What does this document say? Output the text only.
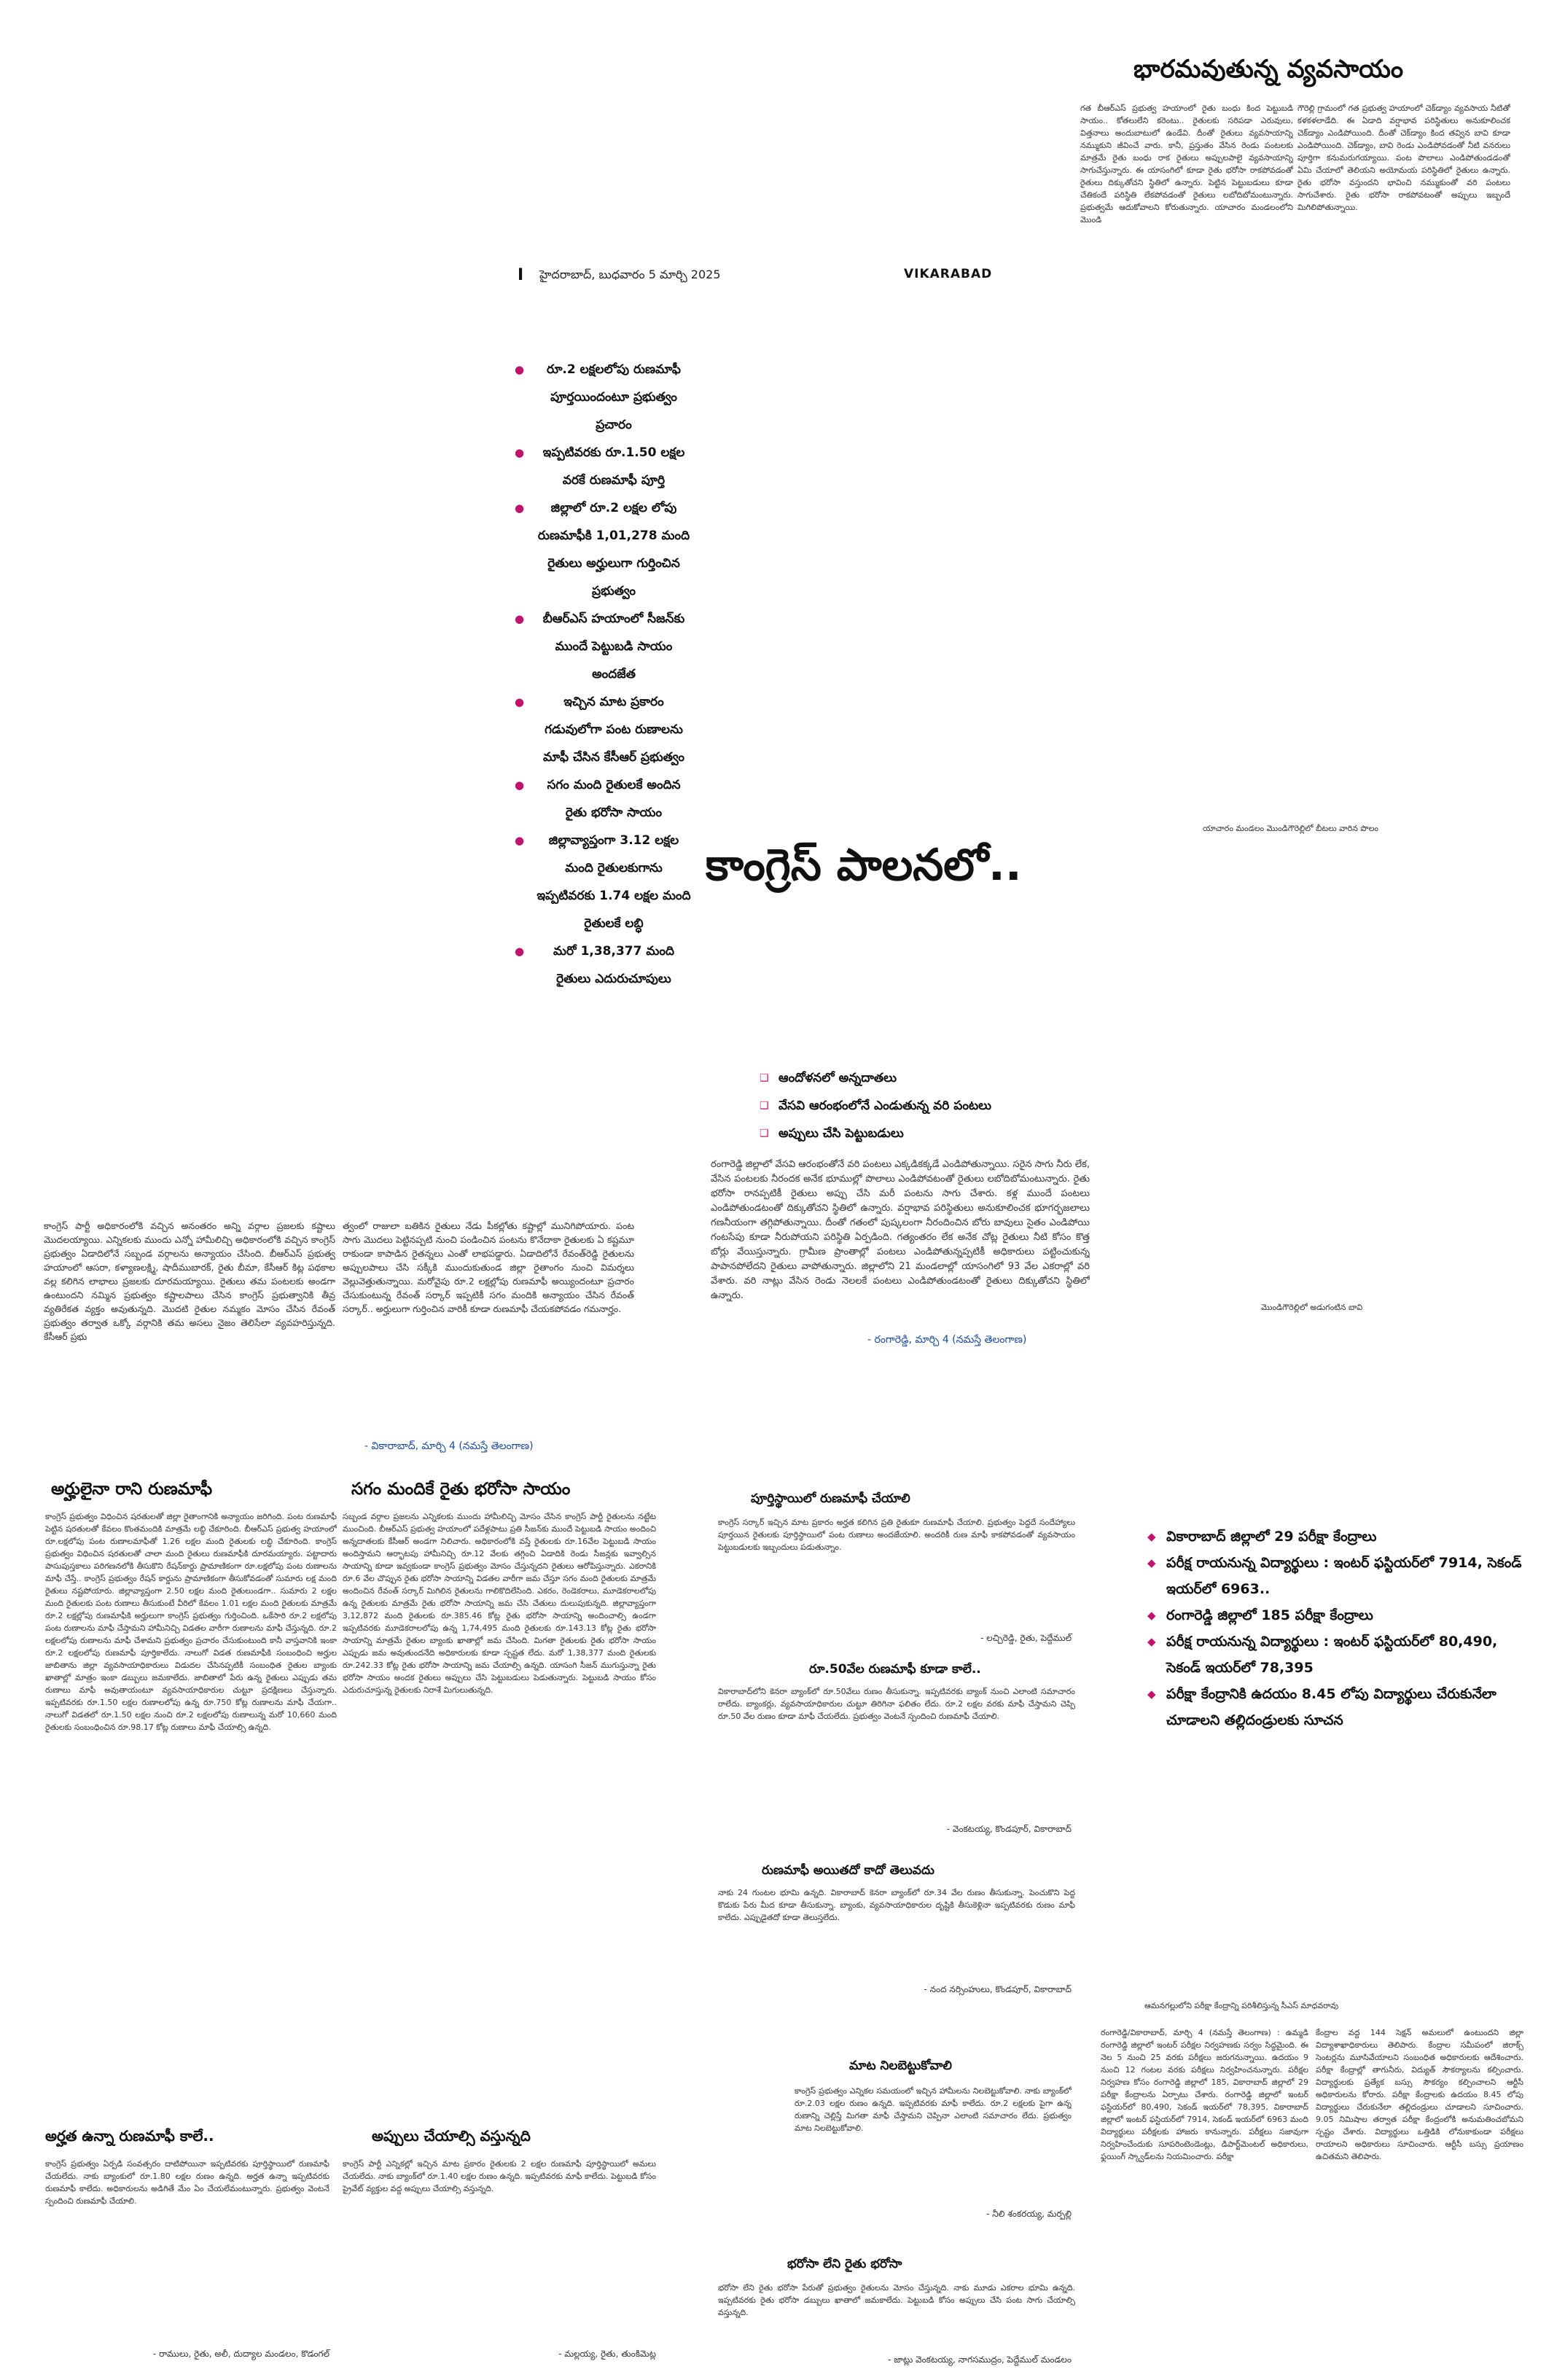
I హైదరాబాద్, బుధవారం 5 మార్చి 2025	VIKARABAD
భారమవుతున్న వ్యవసాయం
గత బీఆర్‌ఎస్ ప్రభుత్వ హయాంలో రైతు బంధు కింద పెట్టుబడి సాయం.. కోతలులేని కరెంటు.. రైతులకు సరిపడా ఎరువులు, విత్తనాలు అందుబాటులో ఉండేవి. దీంతో రైతులు వ్యవసాయాన్ని నమ్ముకుని జీవించే వారు. కానీ, ప్రస్తుతం వేసిన రెండు పంటలకు మాత్రమే రైతు బంధు రాక రైతులు అప్పులపాలై వ్యవసాయాన్ని సాగుచేస్తున్నారు. ఈ యాసంగిలో కూడా రైతు భరోసా రాకపోవడంతో రైతులు దిక్కుతోచని స్థితిలో ఉన్నారు. పెట్టిన పెట్టుబడులు కూడా చేతికందే పరిస్థితి లేకపోవడంతో రైతులు లబోదిబోమంటున్నారు. ప్రభుత్వమే ఆదుకోవాలని కోరుతున్నారు. యాచారం మండలంలోని మొండి
గౌరెల్లి గ్రామంలో గత ప్రభుత్వ హయాంలో చెక్‌డ్యాం వ్యవసాయ నీటితో కళకళలాడేది. ఈ ఏడాది వర్షాభావ పరిస్థితులు అనుకూలించక చెక్‌డ్యాం ఎండిపోయింది. దీంతో చెక్‌డ్యాం కింద తవ్విన బావి కూడా ఎండిపోయింది. చెక్‌డ్యాం, బావి రెండు ఎండిపోవడంతో నీటి వనరులు పూర్తిగా కనుమరుగయ్యాయి. పంట పొలాలు ఎండిపోతుండడంతో ఏమి చేయాలో తెలియని అయోమయ పరిస్థితిలో రైతులు ఉన్నారు. రైతు భరోసా వస్తుందని భావించి నమ్ముకుంతో వరి పంటలు సాగుచేశారు. రైతు భరోసా రాకపోవటంతో అప్పులు ఇబ్బందే మిగిలిపోతున్నాయి.
యాచారం మండలం మొండిగౌరెల్లిలో బీటలు వారిన పొలం
మొండిగౌరెల్లిలో అడుగంటిన బావి
● రూ.2 లక్షలలోపు రుణమాఫీ పూర్తయిందంటూ ప్రభుత్వం ప్రచారం
● ఇప్పటివరకు రూ.1.50 లక్షల వరకే రుణమాఫీ పూర్తి
● జిల్లాలో రూ.2 లక్షల లోపు రుణమాఫీకి 1,01,278 మంది రైతులు అర్హులుగా గుర్తించిన ప్రభుత్వం
● బీఆర్‌ఎస్ హయాంలో సీజన్‌కు ముందే పెట్టుబడి సాయం అందజేత
● ఇచ్చిన మాట ప్రకారం గడువులోగా పంట రుణాలను మాఫీ చేసిన కేసీఆర్ ప్రభుత్వం
● సగం మంది రైతులకే అందిన రైతు భరోసా సాయం
● జిల్లావ్యాప్తంగా 3.12 లక్షల మంది రైతులకుగాను ఇప్పటివరకు 1.74 లక్షల మంది రైతులకే లబ్ధి
● మరో 1,38,377 మంది రైతులు ఎదురుచూపులు
కాంగ్రెస్ పాలనలో..
❑ ఆందోళనలో అన్నదాతలు
❑ వేసవి ఆరంభంలోనే ఎండుతున్న వరి పంటలు
❑ అప్పులు చేసి పెట్టుబడులు
రంగారెడ్డి జిల్లాలో వేసవి ఆరంభంతోనే వరి పంటలు ఎక్కడికక్కడే ఎండిపోతున్నాయి. సరైన సాగు నీరు లేక, వేసిన పంటలకు నీరందక అనేక భూముల్లో పొలాలు ఎండిపోవటంతో రైతులు లబోదిబోమంటున్నారు. రైతు భరోసా రానప్పటికీ రైతులు అప్పు చేసి మరీ పంటను సాగు చేశారు. కళ్ల ముందే పంటలు ఎండిపోతుండటంతో దిక్కుతోచని స్థితిలో ఉన్నారు. వర్షాభావ పరిస్థితులు అనుకూలించక భూగర్భజలాలు గణనీయంగా తగ్గిపోతున్నాయి. దీంతో గతంలో పుష్కలంగా నీరందించిన బోరు బావులు సైతం ఎండిపోయి గంటసేపు కూడా నీరుపోయని పరిస్థితి ఏర్పడింది. గత్యంతరం లేక అనేక చోట్ల రైతులు నీటి కోసం కొత్త బోర్లు వేయిస్తున్నారు. గ్రామీణ ప్రాంతాల్లో పంటలు ఎండిపోతున్నప్పటికీ అధికారులు పట్టించుకున్న పాపానపోలేదని రైతులు వాపోతున్నారు. జిల్లాలోని 21 మండలాల్లో యాసంగిలో 93 వేల ఎకరాల్లో వరి వేశారు. వరి నాట్లు వేసిన రెండు నెలలకే పంటలు ఎండిపోతుండటంతో రైతులు దిక్కుతోచని స్థితిలో ఉన్నారు.
- రంగారెడ్డి, మార్చి 4 (నమస్తే తెలంగాణ)
కాంగ్రెస్ పార్టీ అధికారంలోకి వచ్చిన అనంతరం అన్ని వర్గాల ప్రజలకు కష్టాలు మొదలయ్యాయి. ఎన్నికలకు ముందు ఎన్నో హామీలిచ్చి అధికారంలోకి వచ్చిన కాంగ్రెస్ ప్రభుత్వం ఏడాదిలోనే సబ్బండ వర్గాలను అన్యాయం చేసింది. బీఆర్‌ఎస్ ప్రభుత్వ హయాంలో ఆసరా, కళ్యాణలక్ష్మి, షాదీముబారక్, రైతు బీమా, కేసీఆర్ కిట్ల పథకాల వల్ల కలిగిన లాభాలు ప్రజలకు దూరమయ్యాయి. రైతులు తమ పంటలకు అండగా ఉంటుందని నమ్మిన ప్రభుత్వం కష్టాలపాలు చేసిన కాంగ్రెస్ ప్రభుత్వానికి తీవ్ర వ్యతిరేకత వ్యక్తం అవుతున్నది. మొదటి రైతుల నమ్మకం మోసం చేసిన రేవంత్ ప్రభుత్వం తర్వాత ఒక్కో వర్గానికి తమ అసలు నైజం తెలిసేలా వ్యవహరిస్తున్నది. కేసీఆర్ ప్రభు
త్వంలో రాజులా బతికిన రైతులు నేడు పీకల్లోతు కష్టాల్లో మునిగిపోయారు. పంట సాగు మొదలు పెట్టినప్పటి నుంచి పండించిన పంటను కొనేదాకా రైతులకు ఏ కష్టమూ రాకుండా కాపాడిన రైతన్నలు ఎంతో లాభపడ్డారు. ఏడాదిలోనే రేవంత్‌రెడ్డి రైతులను అప్పులపాలు చేసి సక్కీకి ముందుకుతుండ జిల్లా రైతాంగం నుంచి విమర్శలు వెల్లువెత్తుతున్నాయి. మరోవైపు రూ.2 లక్షల్లోపు రుణమాఫీ అయ్యిందంటూ ప్రచారం చేసుకుంటున్న రేవంత్ సర్కార్ ఇప్పటికీ సగం మందికి అన్యాయం చేసిన రేవంత్ సర్కార్.. అర్హులుగా గుర్తించిన వారికీ కూడా రుణమాఫీ చేయకపోవడం గమనార్హం.
- వికారాబాద్, మార్చి 4 (నమస్తే తెలంగాణ)
అర్హులైనా రాని రుణమాఫీ
కాంగ్రెస్ ప్రభుత్వం విధించిన షరతులతో జిల్లా రైతాంగానికి అన్యాయం జరిగింది. పంట రుణమాఫీ పెట్టిన షరతులతో కేవలం కొంతమందికి మాత్రమే లబ్ధి చేకూరింది. బీఆర్‌ఎస్ ప్రభుత్వ హయాంలో రూ.లక్షలోపు పంట రుణాలమాఫీతో 1.26 లక్షల మంది రైతులకు లబ్ధి చేకూరింది. కాంగ్రెస్ ప్రభుత్వం విధించిన షరతులతో చాలా మంది రైతులు రుణమాఫీకి దూరమయ్యారు. పట్టాదారు పాసుపుస్తకాలు పరిగణనలోకి తీసుకొని రేషన్‌కార్డు ప్రామాణికంగా రూ.లక్షలోపు పంట రుణాలను మాఫీ చేస్తే.. కాంగ్రెస్ ప్రభుత్వం రేషన్ కార్డును ప్రామాణికంగా తీసుకోవడంతో సుమారు లక్ష మంది రైతులు నష్టపోయారు. జిల్లావ్యాప్తంగా 2.50 లక్షల మంది రైతులుండగా.. సుమారు 2 లక్షల మంది రైతులకు పంట రుణాలు తీసుకుంటే వీరిలో కేవలం 1.01 లక్షల మంది రైతులకు మాత్రమే రూ.2 లక్షల్లోపు రుణమాఫీకి అర్హులుగా కాంగ్రెస్ ప్రభుత్వం గుర్తించింది. ఒకేసారి రూ.2 లక్షలోపు పంట రుణాలను మాఫీ చేస్తామని హామీనిచ్చి విడతల వారీగా రుణాలను మాఫీ చేస్తున్నది. రూ.2 లక్షలలోపు రుణాలను మాఫీ చేశామని ప్రభుత్వం ప్రచారం చేసుకుంటుంది కానీ వాస్తవానికి ఇంకా రూ.2 లక్షలలోపు రుణమాఫీ పూర్తికాలేదు. నాలుగో విడత రుణమాఫీకి సంబంధించి అర్హుల జాబితాను జిల్లా వ్యవసాయాధికారులు విడుదల చేసినప్పటికీ సంబంధిత రైతుల బ్యాంకు ఖాతాల్లో మాత్రం ఇంకా డబ్బులు జమకాలేదు. జాబితాలో పేరు ఉన్న రైతులు ఎప్పుడు తమ రుణాలు మాఫీ అవుతాయంటూ వ్యవసాయాధికారుల చుట్టూ ప్రదక్షిణలు చేస్తున్నారు. ఇప్పటివరకు రూ.1.50 లక్షల రుణాలలోపు ఉన్న రూ.750 కోట్ల రుణాలను మాఫీ చేయగా.. నాలుగో విడతలో రూ.1.50 లక్షల నుంచి రూ.2 లక్షలలోపు రుణాలున్న మరో 10,660 మంది రైతులకు సంబంధించిన రూ.98.17 కోట్ల రుణాలు మాఫీ చేయాల్సి ఉన్నది.
సగం మందికే రైతు భరోసా సాయం
సబ్బండ వర్గాల ప్రజలను ఎన్నికలకు ముందు హామీలిచ్చి మోసం చేసిన కాంగ్రెస్ పార్టీ రైతులను నట్టేట ముంచింది. బీఆర్‌ఎస్ ప్రభుత్వ హయాంలో పదేళ్లపాటు ప్రతి సీజన్‌కు ముందే పెట్టుబడి సాయం అందించి అన్నదాతలకు కేసీఆర్ అండగా నిలిచారు. అధికారంలోకి వస్తే రైతులకు రూ.16వేల పెట్టుబడి సాయం అందిస్తామని ఆర్భాటపు హామీనిచ్చి రూ.12 వేలకు తగ్గించి ఏడాదికి రెండు సీజన్లకు ఇవ్వాల్సిన సాయాన్ని కూడా ఇవ్వకుండా కాంగ్రెస్ ప్రభుత్వం మోసం చేస్తున్నదని రైతులు ఆరోపిస్తున్నారు. ఎకరానికి రూ.6 వేల చొప్పున రైతు భరోసా సాయాన్ని విడతల వారీగా జమ చేస్తూ సగం మంది రైతులకు మాత్రమే అందించిన రేవంత్ సర్కార్ మిగిలిన రైతులను గాలికొదిలేసింది. ఎకరం, రెండెకరాలు, మూడెకరాలలోపు ఉన్న రైతులకు మాత్రమే రైతు భరోసా సాయాన్ని జమ చేసి చేతులు దులుపుకున్నది. జిల్లావ్యాప్తంగా 3,12,872 మంది రైతులకు రూ.385.46 కోట్ల రైతు భరోసా సాయాన్ని అందించాల్సి ఉండగా ఇప్పటివరకు మూడెకరాలలోపు ఉన్న 1,74,495 మంది రైతులకు రూ.143.13 కోట్ల రైతు భరోసా సాయాన్ని మాత్రమే రైతుల బ్యాంకు ఖాతాల్లో జమ చేసింది. మిగతా రైతులకు రైతు భరోసా సాయం ఎప్పుడు జమ అవుతుందనేది అధికారులకు కూడా స్పష్టత లేదు. మరో 1,38,377 మంది రైతులకు రూ.242.33 కోట్ల రైతు భరోసా సాయాన్ని జమ చేయాల్సి ఉన్నది. యాసంగి సీజన్ ముగుస్తున్నా రైతు భరోసా సాయం అందక రైతులు అప్పులు చేసి పెట్టుబడులు పెడుతున్నారు. పెట్టుబడి సాయం కోసం ఎదురుచూస్తున్న రైతులకు నిరాశే మిగులుతున్నది.
పూర్తిస్థాయిలో రుణమాఫీ చేయాలి
కాంగ్రెస్ సర్కార్ ఇచ్చిన మాట ప్రకారం అర్హత కలిగిన ప్రతి రైతుకూ రుణమాఫీ చేయాలి. ప్రభుత్వం పెద్దదే సందేహ్యాలు పూర్తయిన రైతులకు పూర్తిస్థాయిలో పంట రుణాలు అందజేయాలి. అందరికీ రుణ మాఫీ కాకపోవడంతో వ్యవసాయం పెట్టుబడులకు ఇబ్బందులు పడుతున్నాం.
- లచ్చిరెడ్డి, రైతు, పెద్దేముల్
రూ.50వేల రుణమాఫీ కూడా కాలే..
వికారాబాద్‌లోని కెనరా బ్యాంక్‌లో రూ.50వేలు రుణం తీసుకున్నా. ఇప్పటివరకు బ్యాంక్ నుంచి ఎలాంటి సమాచారం రాలేదు. బ్యాంకర్లు, వ్యవసాయాధికారుల చుట్టూ తిరిగినా ఫలితం లేదు. రూ.2 లక్షల వరకు మాఫీ చేస్తామని చెప్పి రూ.50 వేల రుణం కూడా మాఫీ చేయలేదు. ప్రభుత్వం వెంటనే స్పందించి రుణమాఫీ చేయాలి.
- వెంకటయ్య, కొండపూర్, వికారాబాద్
రుణమాఫీ అయితదో కాదో తెలువదు
నాకు 24 గుంటల భూమి ఉన్నది. వికారాబాద్ కెనరా బ్యాంక్‌లో రూ.34 వేల రుణం తీసుకున్నా. పెంచుకొని పెద్ద కొడుకు పేరు మీద కూడా తీసుకున్నా. బ్యాంకు, వ్యవసాయాధికారుల దృష్టికి తీసుకెళ్లినా ఇప్పటివరకు రుణం మాఫీ కాలేదు. ఎప్పుడైతదో కూడా తెలుస్తలేదు.
- నంద నర్సింహులు, కొండపూర్, వికారాబాద్
మాట నిలబెట్టుకోవాలి
కాంగ్రెస్ ప్రభుత్వం ఎన్నికల సమయంలో ఇచ్చిన హామీలను నిలబెట్టుకోవాలి. నాకు బ్యాంక్‌లో రూ.2.03 లక్షల రుణం ఉన్నది. ఇప్పటివరకు మాఫీ కాలేదు. రూ.2 లక్షలకు పైగా ఉన్న రుణాన్ని చెల్లిస్తే మిగతా మాఫీ చేస్తామని చెప్పినా ఎలాంటి సమాచారం లేదు. ప్రభుత్వం మాట నిలబెట్టుకోవాలి.
- నీలి శంకరయ్య, మర్పల్లి
భరోసా లేని రైతు భరోసా
భరోసా లేని రైతు భరోసా పేరుతో ప్రభుత్వం రైతులను మోసం చేస్తున్నది. నాకు మూడు ఎకరాల భూమి ఉన్నది. ఇప్పటివరకు రైతు భరోసా డబ్బులు ఖాతాలో జమకాలేదు. పెట్టుబడి కోసం అప్పులు చేసి పంట సాగు చేయాల్సి వస్తున్నది.
- జాట్లు వెంకటయ్య, నాగసముద్రం, పెద్దేముల్ మండలం
అర్హత ఉన్నా రుణమాఫీ కాలే..
కాంగ్రెస్ ప్రభుత్వం ఏర్పడి సంవత్సరం దాటిపోయినా ఇప్పటివరకు పూర్తిస్థాయిలో రుణమాఫీ చేయలేదు. నాకు బ్యాంకులో రూ.1.80 లక్షల రుణం ఉన్నది. అర్హత ఉన్నా ఇప్పటివరకు రుణమాఫీ కాలేదు. అధికారులను అడిగితే మేం ఏం చేయలేమంటున్నారు. ప్రభుత్వం వెంటనే స్పందించి రుణమాఫీ చేయాలి.
- రాములు, రైతు, అలీ, దుద్యాల మండలం, కొడంగల్
అప్పులు చేయాల్సి వస్తున్నది
కాంగ్రెస్ పార్టీ ఎన్నికల్లో ఇచ్చిన మాట ప్రకారం రైతులకు 2 లక్షల రుణమాఫీ పూర్తిస్థాయిలో అమలు చేయలేదు. నాకు బ్యాంక్‌లో రూ.1.40 లక్షల రుణం ఉన్నది. ఇప్పటివరకు మాఫీ కాలేదు. పెట్టుబడి కోసం ప్రైవేట్ వ్యక్తుల వద్ద అప్పులు చేయాల్సి వస్తున్నది.
- మల్లయ్య, రైతు, తుంకిమెట్ల
◆ వికారాబాద్ జిల్లాలో 29 పరీక్షా కేంద్రాలు
◆ పరీక్ష రాయనున్న విద్యార్థులు : ఇంటర్ ఫస్టియర్‌లో 7914, సెకండ్ ఇయర్‌లో 6963..
◆ రంగారెడ్డి జిల్లాలో 185 పరీక్షా కేంద్రాలు
◆ పరీక్ష రాయనున్న విద్యార్థులు : ఇంటర్ ఫస్టియర్‌లో 80,490, సెకండ్ ఇయర్‌లో 78,395
◆ పరీక్షా కేంద్రానికి ఉదయం 8.45 లోపు విద్యార్థులు చేరుకునేలా చూడాలని తల్లిదండ్రులకు సూచన
ఆమనగల్లులోని పరీక్షా కేంద్రాన్ని పరిశీలిస్తున్న సీఎస్ మాధవరావు
రంగారెడ్డి/వికారాబాద్, మార్చి 4 (నమస్తే తెలంగాణ) : ఉమ్మడి రంగారెడ్డి జిల్లాలో ఇంటర్ పరీక్షల నిర్వహణకు సర్వం సిద్ధమైంది. ఈ నెల 5 నుంచి 25 వరకు పరీక్షలు జరుగనున్నాయి. ఉదయం 9 నుంచి 12 గంటల వరకు పరీక్షలు నిర్వహించనున్నారు. పరీక్షల నిర్వహణ కోసం రంగారెడ్డి జిల్లాలో 185, వికారాబాద్ జిల్లాలో 29 పరీక్షా కేంద్రాలను ఏర్పాటు చేశారు. రంగారెడ్డి జిల్లాలో ఇంటర్ ఫస్టియర్‌లో 80,490, సెకండ్ ఇయర్‌లో 78,395, వికారాబాద్ జిల్లాలో ఇంటర్ ఫస్టియర్‌లో 7914, సెకండ్ ఇయర్‌లో 6963 మంది విద్యార్థులు పరీక్షలకు హాజరు కానున్నారు. పరీక్షలు సజావుగా నిర్వహించేందుకు సూపరింటెండెంట్లు, డిపార్ట్‌మెంటల్ అధికారులు, ఫ్లయింగ్ స్క్వాడ్‌లను నియమించారు. పరీక్షా
కేంద్రాల వద్ద 144 సెక్షన్ అమలులో ఉంటుందని జిల్లా విద్యాశాఖాధికారులు తెలిపారు. కేంద్రాల సమీపంలో జిరాక్స్ సెంటర్లను మూసివేయాలని సంబంధిత అధికారులకు ఆదేశించారు. పరీక్షా కేంద్రాల్లో తాగునీరు, విద్యుత్ సౌకర్యాలను కల్పించారు. విద్యార్థులకు ప్రత్యేక బస్సు సౌకర్యం కల్పించాలని ఆర్టీసీ అధికారులను కోరారు. పరీక్షా కేంద్రాలకు ఉదయం 8.45 లోపు విద్యార్థులు చేరుకునేలా తల్లిదండ్రులు చూడాలని సూచించారు. 9.05 నిమిషాల తర్వాత పరీక్షా కేంద్రంలోకి అనుమతించబోమని స్పష్టం చేశారు. విద్యార్థులు ఒత్తిడికి లోనుకాకుండా పరీక్షలు రాయాలని అధికారులు సూచించారు. ఆర్టీసీ బస్సు ప్రయాణం ఉచితమని తెలిపారు.
